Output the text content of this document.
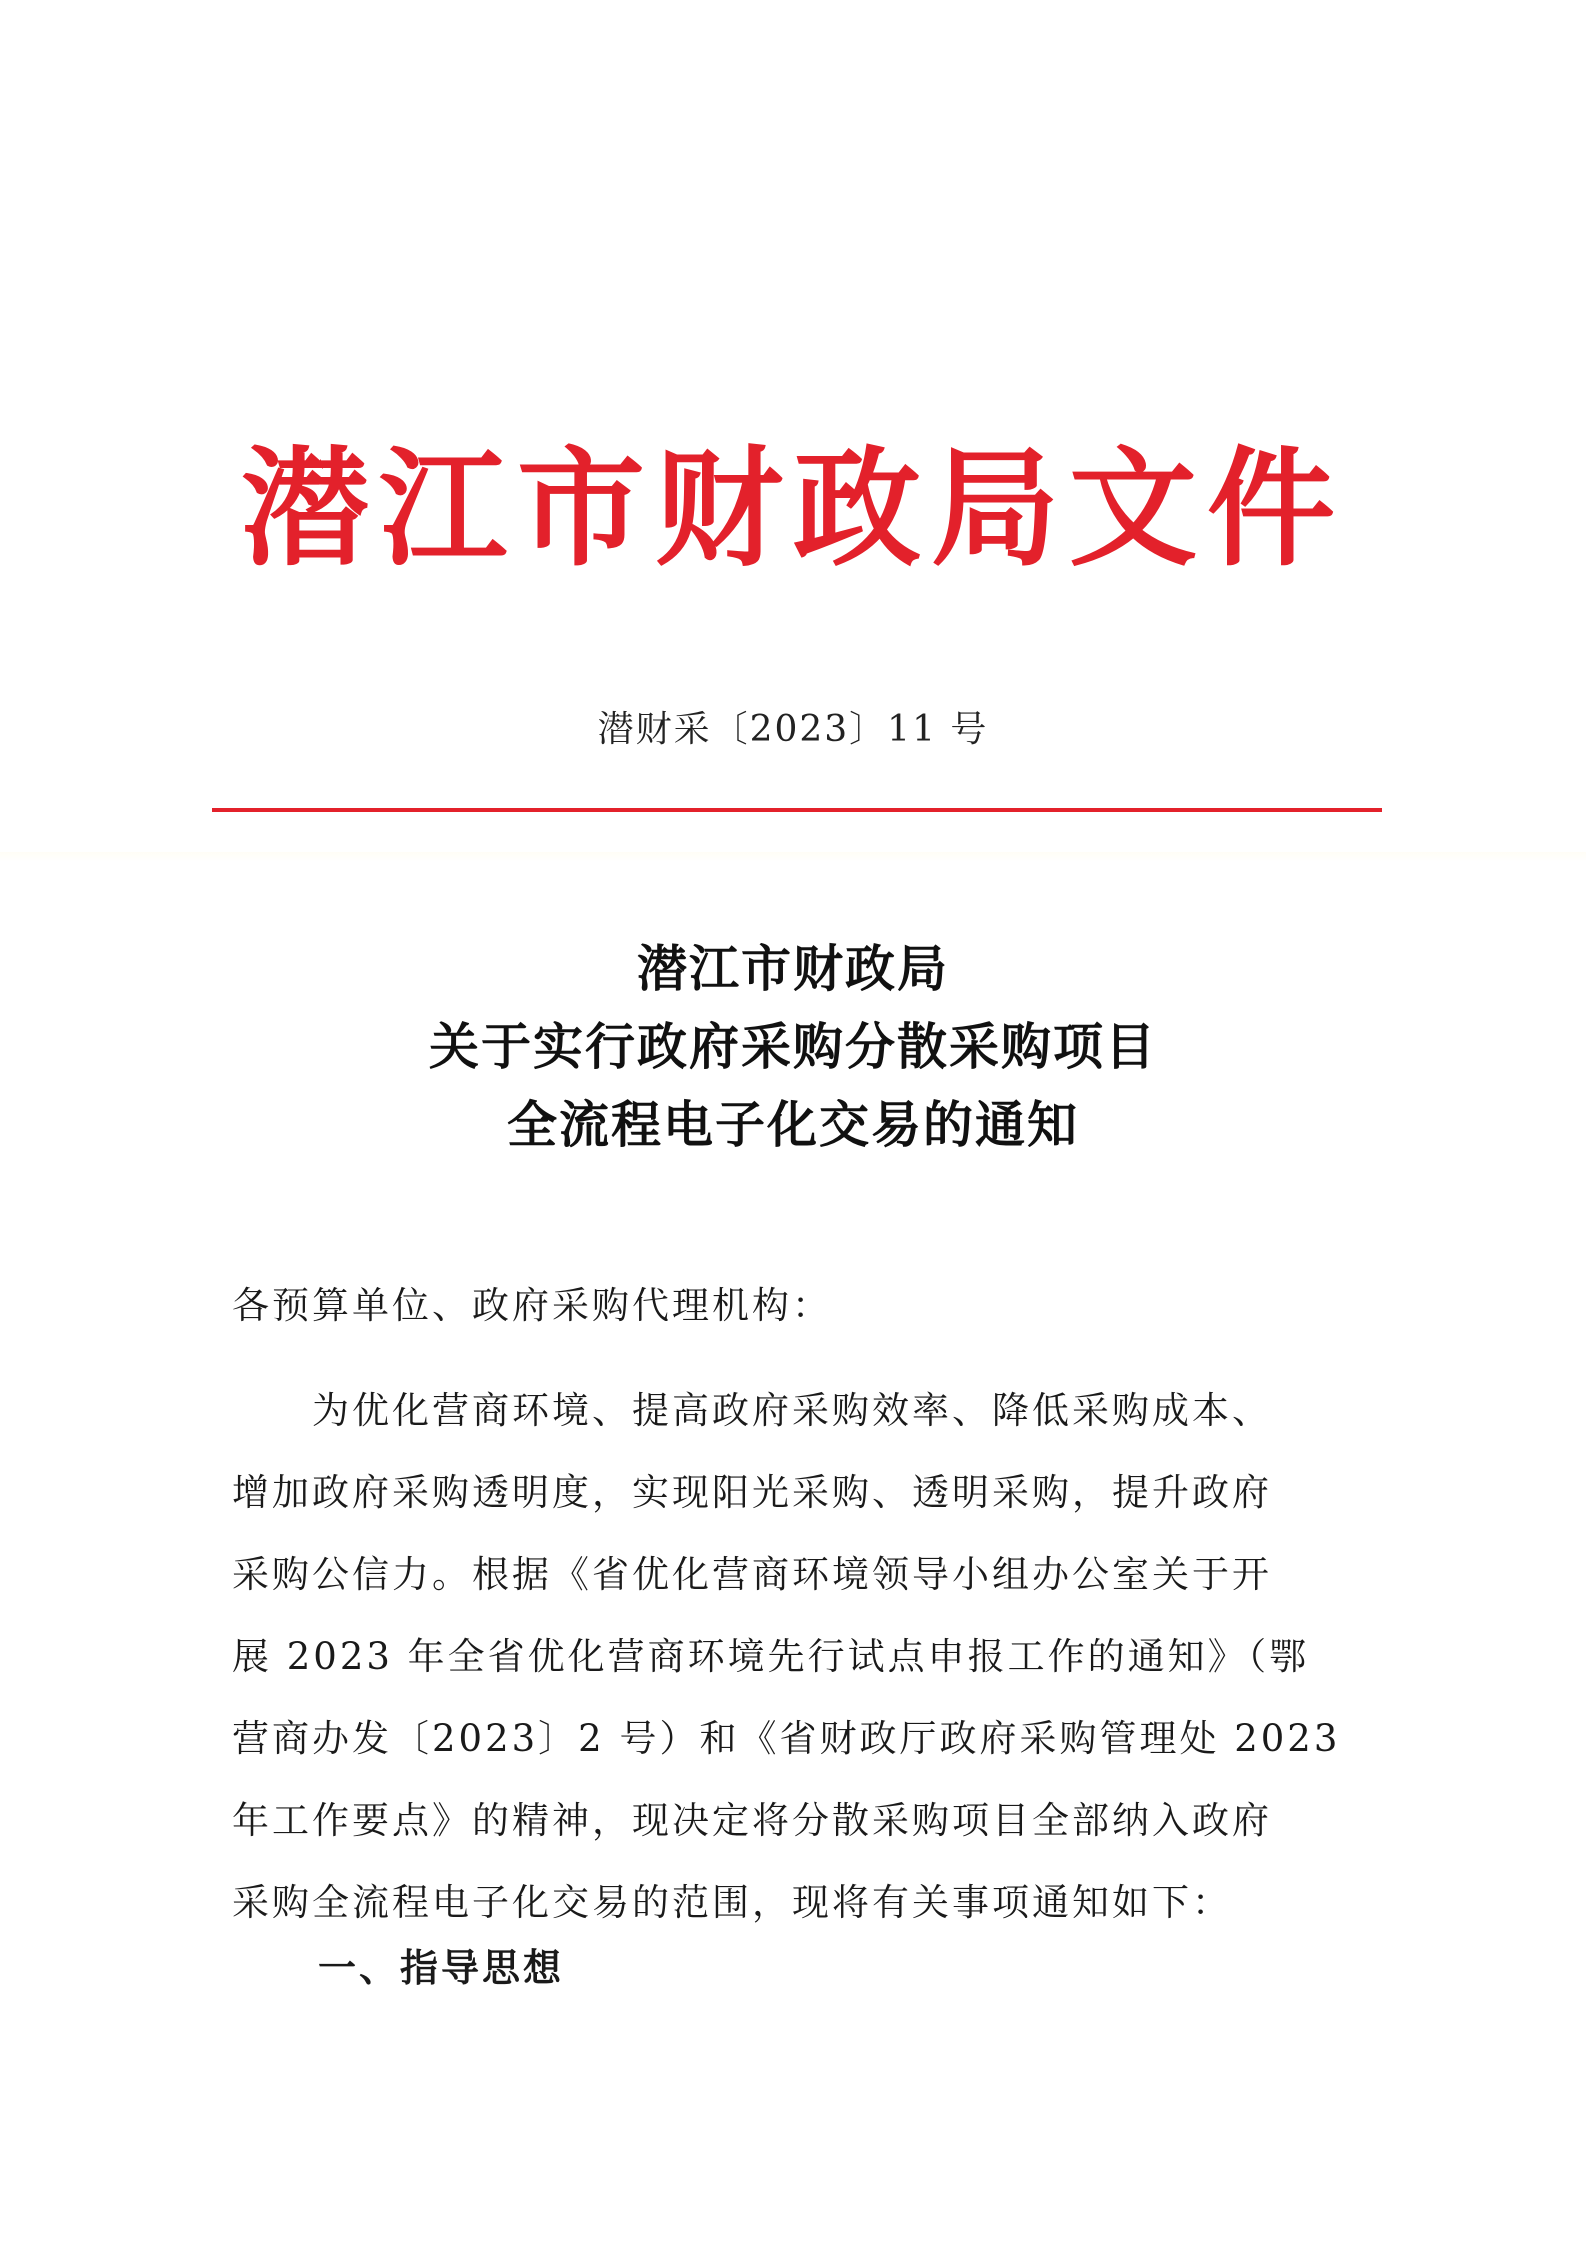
潜江市财政局文件
潜财采〔2023〕11 号
潜江市财政局
关于实行政府采购分散采购项目
全流程电子化交易的通知
各预算单位、政府采购代理机构：
为优化营商环境、提高政府采购效率、降低采购成本、
增加政府采购透明度，实现阳光采购、透明采购，提升政府
采购公信力。根据《省优化营商环境领导小组办公室关于开
展 2023 年全省优化营商环境先行试点申报工作的通知》（鄂
营商办发〔2023〕2 号）和《省财政厅政府采购管理处 2023
年工作要点》的精神，现决定将分散采购项目全部纳入政府
采购全流程电子化交易的范围，现将有关事项通知如下：
一、指导思想
